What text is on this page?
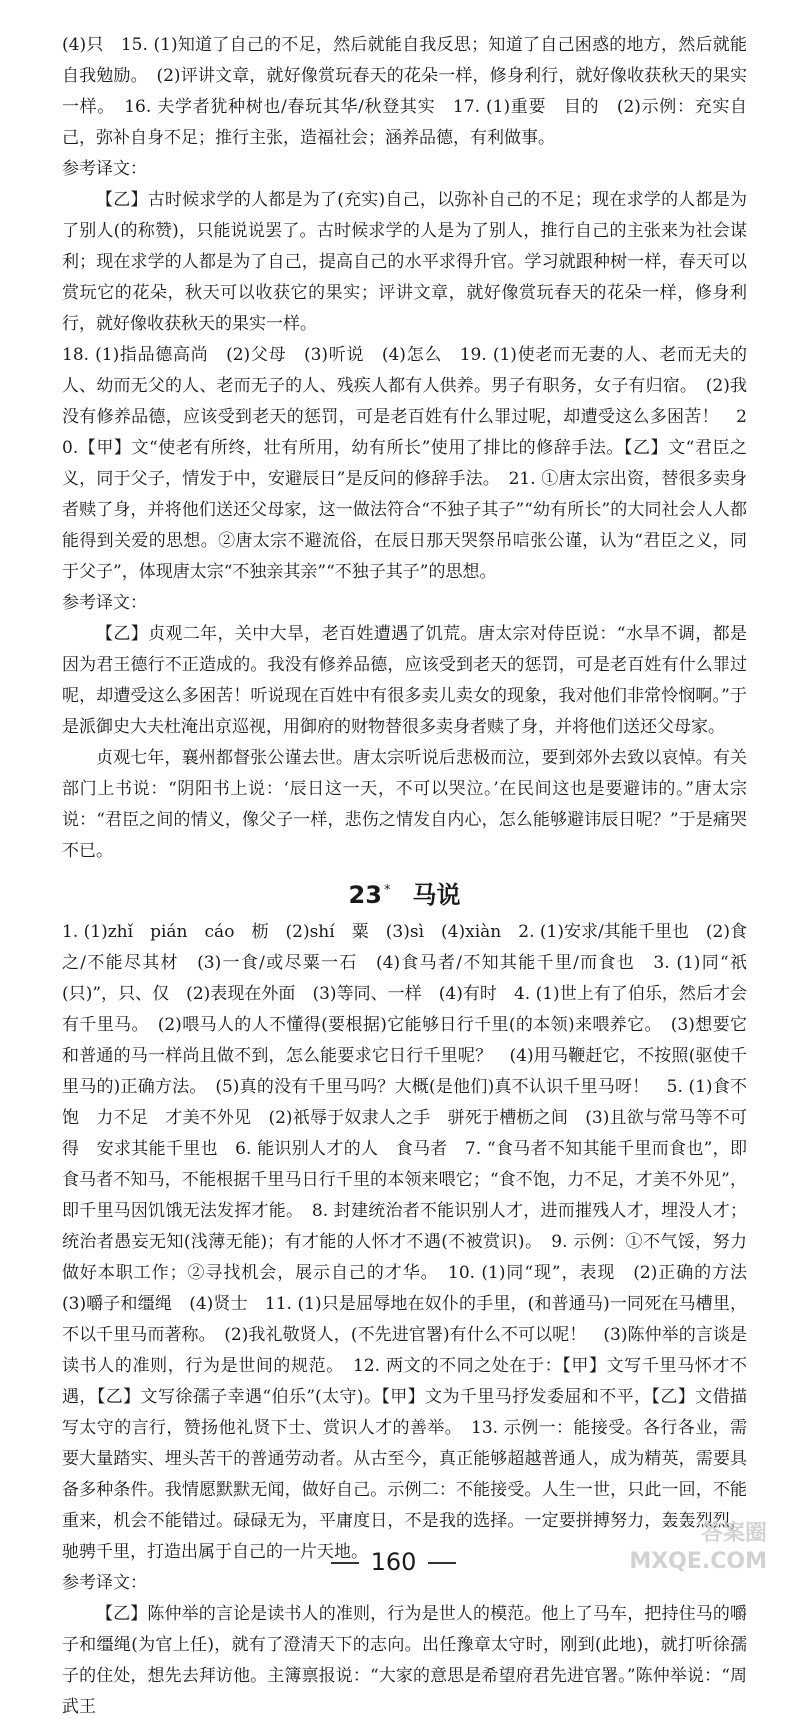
(4)只　15. (1)知道了自己的不足，然后就能自我反思；知道了自己困惑的地方，然后就能自我勉励。　(2)评讲文章，就好像赏玩春天的花朵一样，修身利行，就好像收获秋天的果实一样。　16. 夫学者犹种树也/春玩其华/秋登其实　17. (1)重要　目的　(2)示例：充实自己，弥补自身不足；推行主张，造福社会；涵养品德，有利做事。

参考译文：

【乙】古时候求学的人都是为了(充实)自己，以弥补自己的不足；现在求学的人都是为了别人(的称赞)，只能说说罢了。古时候求学的人是为了别人，推行自己的主张来为社会谋利；现在求学的人都是为了自己，提高自己的水平求得升官。学习就跟种树一样，春天可以赏玩它的花朵，秋天可以收获它的果实；评讲文章，就好像赏玩春天的花朵一样，修身利行，就好像收获秋天的果实一样。

18. (1)指品德高尚　(2)父母　(3)听说　(4)怎么　19. (1)使老而无妻的人、老而无夫的人、幼而无父的人、老而无子的人、残疾人都有人供养。男子有职务，女子有归宿。　(2)我没有修养品德，应该受到老天的惩罚，可是老百姓有什么罪过呢，却遭受这么多困苦！　20.【甲】文“使老有所终，壮有所用，幼有所长”使用了排比的修辞手法。【乙】文“君臣之义，同于父子，情发于中，安避辰日”是反问的修辞手法。　21. ①唐太宗出资，替很多卖身者赎了身，并将他们送还父母家，这一做法符合“不独子其子”“幼有所长”的大同社会人人都能得到关爱的思想。②唐太宗不避流俗，在辰日那天哭祭吊唁张公谨，认为“君臣之义，同于父子”，体现唐太宗“不独亲其亲”“不独子其子”的思想。

参考译文：

【乙】贞观二年，关中大旱，老百姓遭遇了饥荒。唐太宗对侍臣说：“水旱不调，都是因为君王德行不正造成的。我没有修养品德，应该受到老天的惩罚，可是老百姓有什么罪过呢，却遭受这么多困苦！听说现在百姓中有很多卖儿卖女的现象，我对他们非常怜悯啊。”于是派御史大夫杜淹出京巡视，用御府的财物替很多卖身者赎了身，并将他们送还父母家。

贞观七年，襄州都督张公谨去世。唐太宗听说后悲极而泣，要到郊外去致以哀悼。有关部门上书说：“阴阳书上说：‘辰日这一天，不可以哭泣。’在民间这也是要避讳的。”唐太宗说：“君臣之间的情义，像父子一样，悲伤之情发自内心，怎么能够避讳辰日呢？”于是痛哭不已。

23 * 马说

1. (1)zhǐ　pián　cáo　枥　(2)shí　粟　(3)sì　(4)xiàn　2. (1)安求/其能千里也　(2)食之/不能尽其材　(3)一食/或尽粟一石　(4)食马者/不知其能千里/而食也　3. (1)同“祇(只)”，只、仅　(2)表现在外面　(3)等同、一样　(4)有时　4. (1)世上有了伯乐，然后才会有千里马。　(2)喂马人的人不懂得(要根据)它能够日行千里(的本领)来喂养它。　(3)想要它和普通的马一样尚且做不到，怎么能要求它日行千里呢？　(4)用马鞭赶它，不按照(驱使千里马的)正确方法。　(5)真的没有千里马吗？大概(是他们)真不认识千里马呀！　5. (1)食不饱　力不足　才美不外见　(2)祇辱于奴隶人之手　骈死于槽枥之间　(3)且欲与常马等不可得　安求其能千里也　6. 能识别人才的人　食马者　7. “食马者不知其能千里而食也”，即食马者不知马，不能根据千里马日行千里的本领来喂它；“食不饱，力不足，才美不外见”，即千里马因饥饿无法发挥才能。　8. 封建统治者不能识别人才，进而摧残人才，埋没人才；统治者愚妄无知(浅薄无能)；有才能的人怀才不遇(不被赏识)。　9. 示例：①不气馁，努力做好本职工作；②寻找机会，展示自己的才华。　10. (1)同“现”，表现　(2)正确的方法　(3)嚼子和缰绳　(4)贤士　11. (1)只是屈辱地在奴仆的手里，(和普通马)一同死在马槽里，不以千里马而著称。　(2)我礼敬贤人，(不先进官署)有什么不可以呢！　(3)陈仲举的言谈是读书人的准则，行为是世间的规范。　12. 两文的不同之处在于：【甲】文写千里马怀才不遇，【乙】文写徐孺子幸遇“伯乐”(太守)。【甲】文为千里马抒发委屈和不平，【乙】文借描写太守的言行，赞扬他礼贤下士、赏识人才的善举。　13. 示例一：能接受。各行各业，需要大量踏实、埋头苦干的普通劳动者。从古至今，真正能够超越普通人，成为精英，需要具备多种条件。我情愿默默无闻，做好自己。示例二：不能接受。人生一世，只此一回，不能重来，机会不能错过。碌碌无为，平庸度日，不是我的选择。一定要拼搏努力，轰轰烈烈，驰骋千里，打造出属于自己的一片天地。

参考译文：

【乙】陈仲举的言论是读书人的准则，行为是世人的模范。他上了马车，把持住马的嚼子和缰绳(为官上任)，就有了澄清天下的志向。出任豫章太守时，刚到(此地)，就打听徐孺子的住处，想先去拜访他。主簿禀报说：“大家的意思是希望府君先进官署。”陈仲举说：“周武王

160
答案圈 MXQE.COM
